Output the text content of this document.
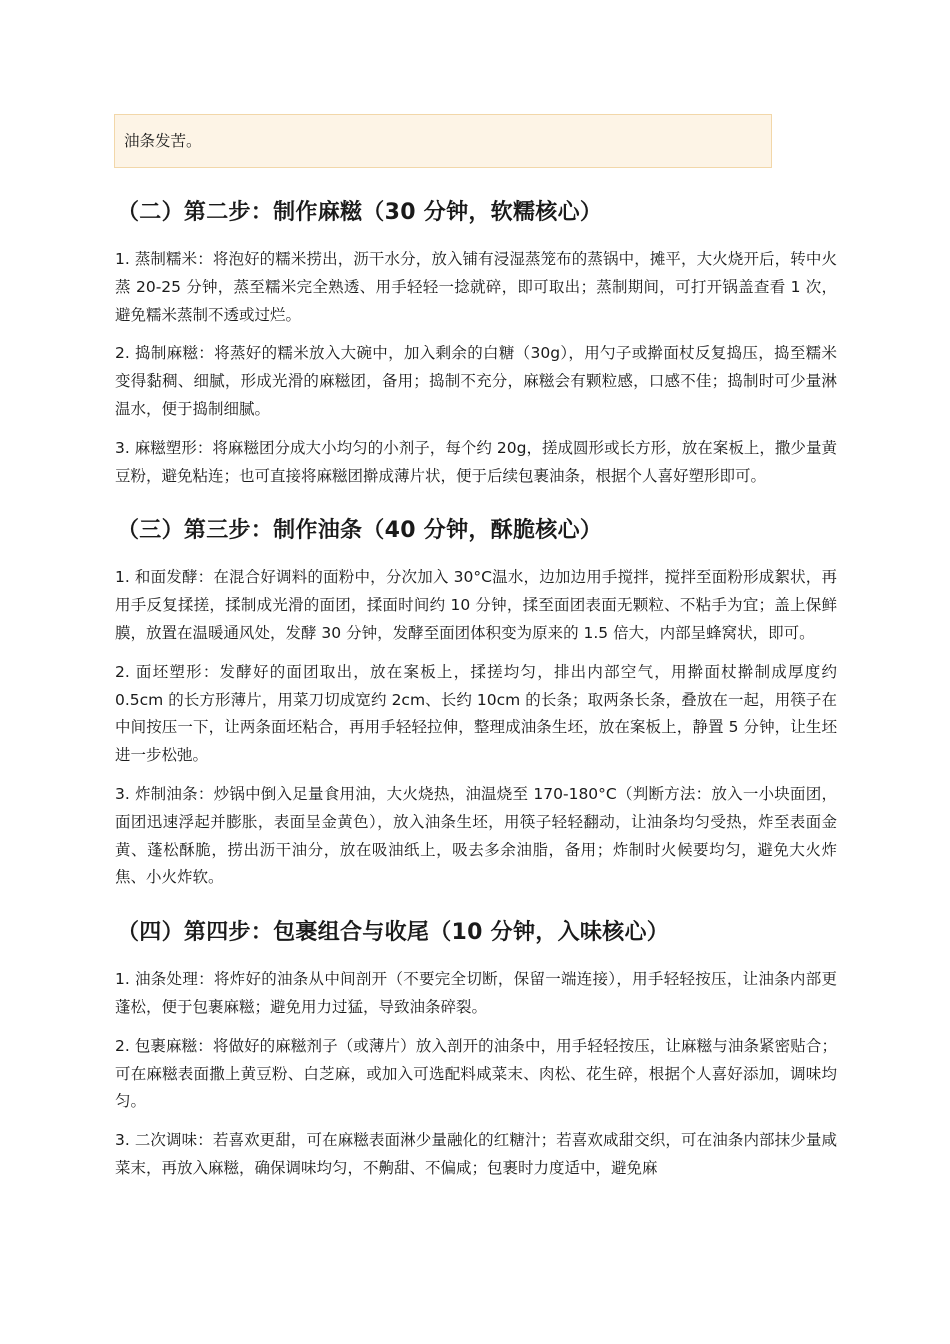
油条发苦。
（二）第二步：制作麻糍（30 分钟，软糯核心）

1. 蒸制糯米：将泡好的糯米捞出，沥干水分，放入铺有浸湿蒸笼布的蒸锅中，摊平，大火烧开后，转中火蒸 20-25 分钟，蒸至糯米完全熟透、用手轻轻一捻就碎，即可取出；蒸制期间，可打开锅盖查看 1 次，避免糯米蒸制不透或过烂。

2. 捣制麻糍：将蒸好的糯米放入大碗中，加入剩余的白糖（30g），用勺子或擀面杖反复捣压，捣至糯米变得黏稠、细腻，形成光滑的麻糍团，备用；捣制不充分，麻糍会有颗粒感，口感不佳；捣制时可少量淋温水，便于捣制细腻。

3. 麻糍塑形：将麻糍团分成大小均匀的小剂子，每个约 20g，搓成圆形或长方形，放在案板上，撒少量黄豆粉，避免粘连；也可直接将麻糍团擀成薄片状，便于后续包裹油条，根据个人喜好塑形即可。

（三）第三步：制作油条（40 分钟，酥脆核心）

1. 和面发酵：在混合好调料的面粉中，分次加入 30°C温水，边加边用手搅拌，搅拌至面粉形成絮状，再用手反复揉搓，揉制成光滑的面团，揉面时间约 10 分钟，揉至面团表面无颗粒、不粘手为宜；盖上保鲜膜，放置在温暖通风处，发酵 30 分钟，发酵至面团体积变为原来的 1.5 倍大，内部呈蜂窝状，即可。

2. 面坯塑形：发酵好的面团取出，放在案板上，揉搓均匀，排出内部空气，用擀面杖擀制成厚度约 0.5cm 的长方形薄片，用菜刀切成宽约 2cm、长约 10cm 的长条；取两条长条，叠放在一起，用筷子在中间按压一下，让两条面坯粘合，再用手轻轻拉伸，整理成油条生坯，放在案板上，静置 5 分钟，让生坯进一步松弛。

3. 炸制油条：炒锅中倒入足量食用油，大火烧热，油温烧至 170-180°C（判断方法：放入一小块面团，面团迅速浮起并膨胀，表面呈金黄色），放入油条生坯，用筷子轻轻翻动，让油条均匀受热，炸至表面金黄、蓬松酥脆，捞出沥干油分，放在吸油纸上，吸去多余油脂，备用；炸制时火候要均匀，避免大火炸焦、小火炸软。

（四）第四步：包裹组合与收尾（10 分钟，入味核心）

1. 油条处理：将炸好的油条从中间剖开（不要完全切断，保留一端连接），用手轻轻按压，让油条内部更蓬松，便于包裹麻糍；避免用力过猛，导致油条碎裂。

2. 包裹麻糍：将做好的麻糍剂子（或薄片）放入剖开的油条中，用手轻轻按压，让麻糍与油条紧密贴合；可在麻糍表面撒上黄豆粉、白芝麻，或加入可选配料咸菜末、肉松、花生碎，根据个人喜好添加，调味均匀。

3. 二次调味：若喜欢更甜，可在麻糍表面淋少量融化的红糖汁；若喜欢咸甜交织，可在油条内部抹少量咸菜末，再放入麻糍，确保调味均匀，不齁甜、不偏咸；包裹时力度适中，避免麻
